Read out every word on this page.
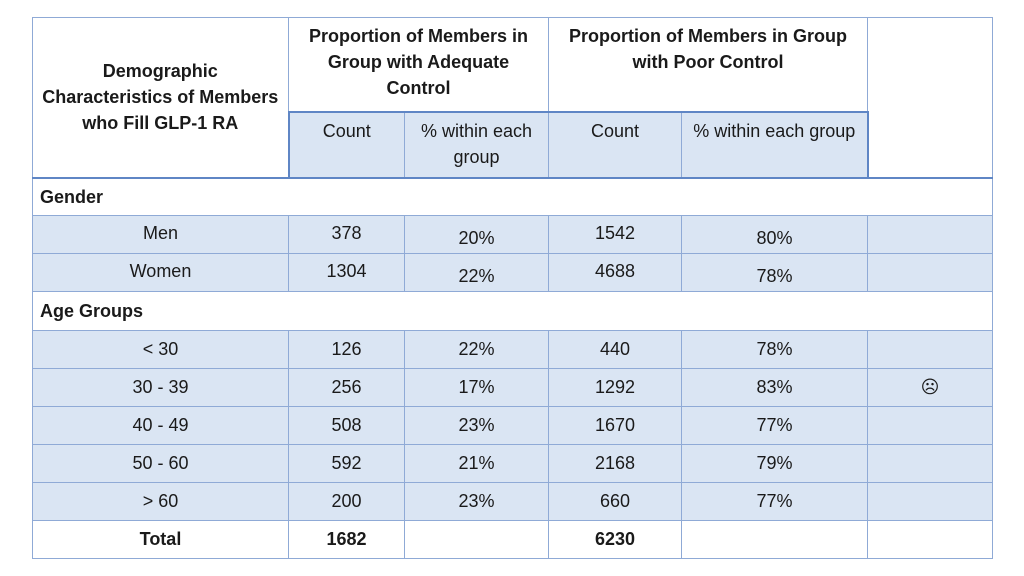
Demographic Characteristics of Members who Fill GLP-1 RA	Proportion of Members in Group with Adequate Control		Proportion of Members in Group with Poor Control		
	Count	% within each group	Count	% within each group	
Gender					
Men	378	20%	1542	80%	
Women	1304	22%	4688	78%	
Age Groups					
< 30	126	22%	440	78%	
30 - 39	256	17%	1292	83%	☹
40 - 49	508	23%	1670	77%	
50 - 60	592	21%	2168	79%	
> 60	200	23%	660	77%	
Total	1682		6230		
